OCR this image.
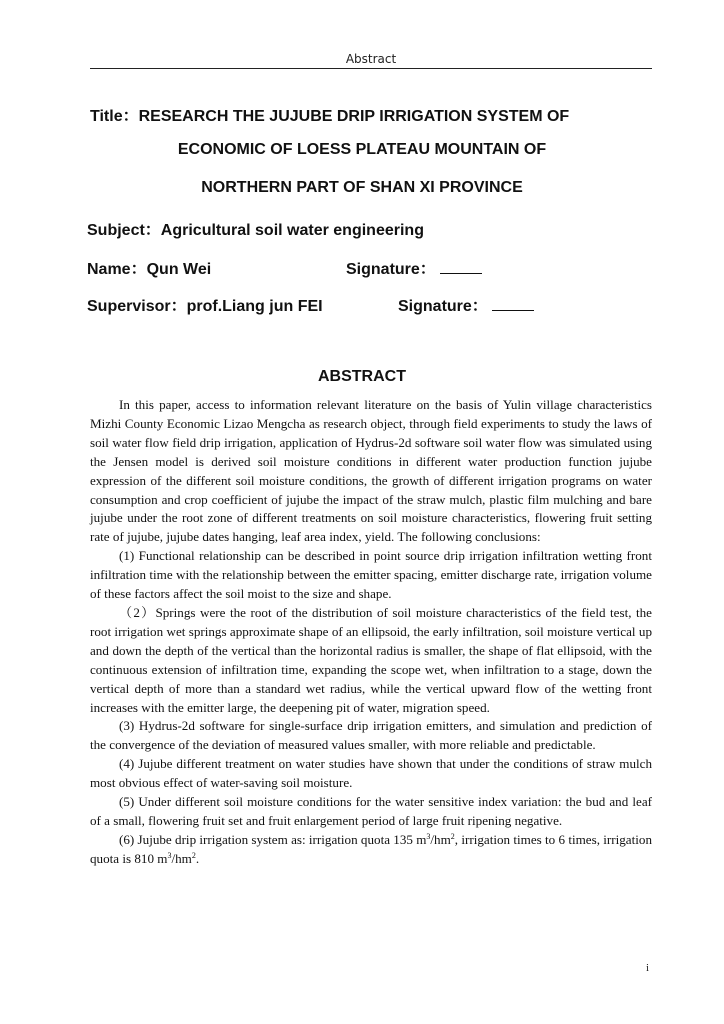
Abstract
Title：RESEARCH THE JUJUBE DRIP IRRIGATION SYSTEM OF
ECONOMIC OF LOESS PLATEAU MOUNTAIN OF
NORTHERN PART OF SHAN XI PROVINCE
Subject：Agricultural soil water engineering
Name：Qun Wei	Signature：
Supervisor：prof.Liang jun FEI	Signature：
ABSTRACT

In this paper, access to information relevant literature on the basis of Yulin village characteristics Mizhi County Economic Lizao Mengcha as research object, through field experiments to study the laws of soil water flow field drip irrigation, application of Hydrus-2d software soil water flow was simulated using the Jensen model is derived soil moisture conditions in different water production function jujube expression of the different soil moisture conditions, the growth of different irrigation programs on water consumption and crop coefficient of jujube the impact of the straw mulch, plastic film mulching and bare jujube under the root zone of different treatments on soil moisture characteristics, flowering fruit setting rate of jujube, jujube dates hanging, leaf area index, yield. The following conclusions:

(1) Functional relationship can be described in point source drip irrigation infiltration wetting front infiltration time with the relationship between the emitter spacing, emitter discharge rate, irrigation volume of these factors affect the soil moist to the size and shape.

（2）Springs were the root of the distribution of soil moisture characteristics of the field test, the root irrigation wet springs approximate shape of an ellipsoid, the early infiltration, soil moisture vertical up and down the depth of the vertical than the horizontal radius is smaller, the shape of flat ellipsoid, with the continuous extension of infiltration time, expanding the scope wet, when infiltration to a stage, down the vertical depth of more than a standard wet radius, while the vertical upward flow of the wetting front increases with the emitter large, the deepening pit of water, migration speed.

(3) Hydrus-2d software for single-surface drip irrigation emitters, and simulation and prediction of the convergence of the deviation of measured values smaller, with more reliable and predictable.

(4) Jujube different treatment on water studies have shown that under the conditions of straw mulch most obvious effect of water-saving soil moisture.

(5) Under different soil moisture conditions for the water sensitive index variation: the bud and leaf of a small, flowering fruit set and fruit enlargement period of large fruit ripening negative.

(6) Jujube drip irrigation system as: irrigation quota 135 $m^3/hm^2$, irrigation times to 6 times, irrigation quota is 810 $m^3/hm^2$.

i
